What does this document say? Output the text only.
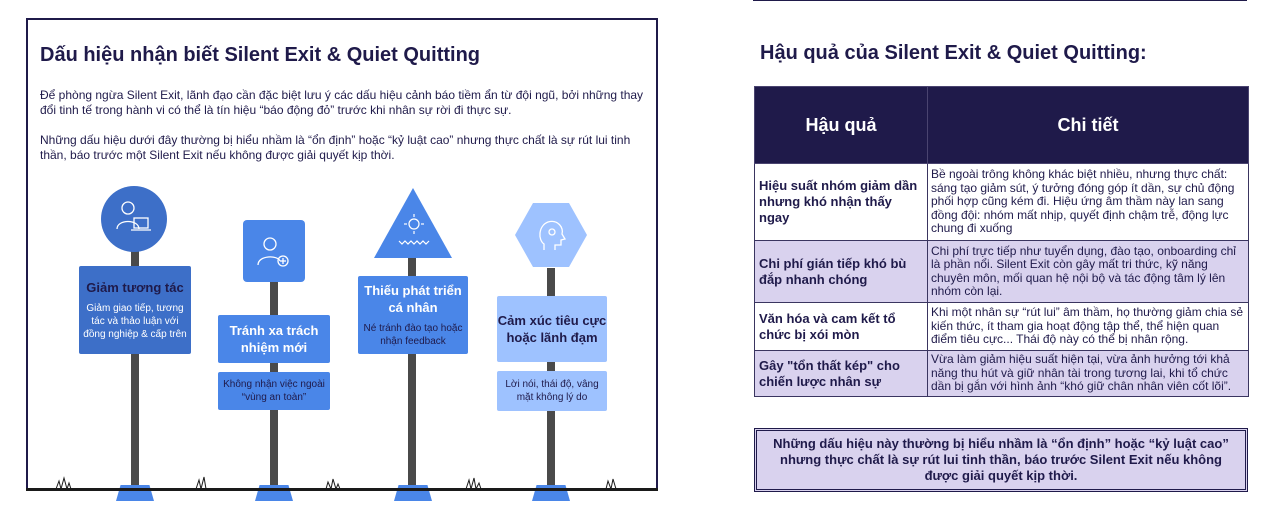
Dấu hiệu nhận biết Silent Exit & Quiet Quitting

Để phòng ngừa Silent Exit, lãnh đạo cần đặc biệt lưu ý các dấu hiệu cảnh báo tiềm ẩn từ đội ngũ, bởi những thay đổi tinh tế trong hành vi có thể là tín hiệu “báo động đỏ” trước khi nhân sự rời đi thực sự.

Những dấu hiệu dưới đây thường bị hiểu nhầm là “ổn định” hoặc “kỷ luật cao” nhưng thực chất là sự rút lui tinh thần, báo trước một Silent Exit nếu không được giải quyết kịp thời.

Giảm tương tác
Giảm giao tiếp, tương tác và thảo luận với đồng nghiệp & cấp trên	Tránh xa trách nhiệm mới
Không nhận việc ngoài “vùng an toàn”
Thiếu phát triển cá nhân
Né tránh đào tạo hoặc nhận feedback
Cảm xúc tiêu cực hoặc lãnh đạm
Lời nói, thái độ, vâng mặt không lý do
Hậu quả của Silent Exit & Quiet Quitting:
Hậu quả	Chi tiết
Hiệu suất nhóm giảm dần nhưng khó nhận thấy ngay	Bề ngoài trông không khác biệt nhiều, nhưng thực chất: sáng tạo giảm sút, ý tưởng đóng góp ít dần, sự chủ động phối hợp cũng kém đi. Hiệu ứng âm thầm này lan sang đồng đội: nhóm mất nhịp, quyết định chậm trễ, động lực chung đi xuống
Chi phí gián tiếp khó bù đắp nhanh chóng	Chi phí trực tiếp như tuyển dụng, đào tạo, onboarding chỉ là phần nổi. Silent Exit còn gây mất tri thức, kỹ năng chuyên môn, mối quan hệ nội bộ và tác động tâm lý lên nhóm còn lại.
Văn hóa và cam kết tổ chức bị xói mòn	Khi một nhân sự “rút lui” âm thầm, họ thường giảm chia sẻ kiến thức, ít tham gia hoạt động tập thể, thể hiện quan điểm tiêu cực... Thái độ này có thể bị nhân rộng.
Gây "tổn thất kép" cho chiến lược nhân sự	Vừa làm giảm hiệu suất hiện tại, vừa ảnh hưởng tới khả năng thu hút và giữ nhân tài trong tương lai, khi tổ chức dần bị gắn với hình ảnh “khó giữ chân nhân viên cốt lõi”.
Những dấu hiệu này thường bị hiểu nhầm là “ổn định” hoặc “kỷ luật cao” nhưng thực chất là sự rút lui tinh thần, báo trước Silent Exit nếu không được giải quyết kịp thời.
